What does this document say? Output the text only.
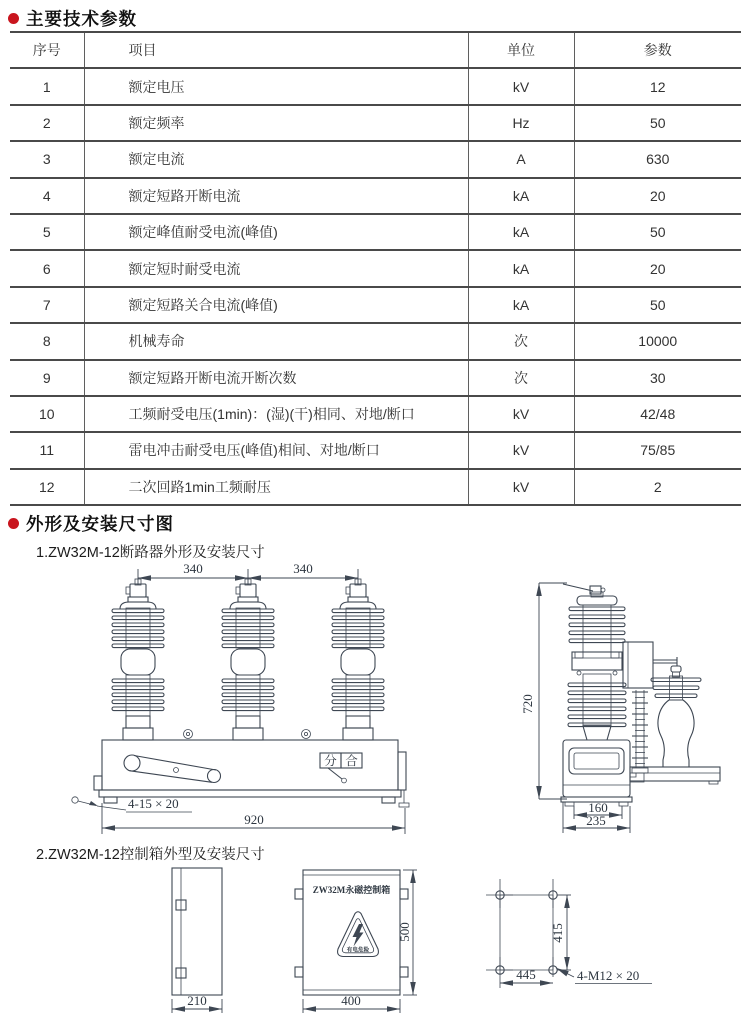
主要技术参数
序号	项目	单位	参数
1	额定电压	kV	12
2	额定频率	Hz	50
3	额定电流	A	630
4	额定短路开断电流	kA	20
5	额定峰值耐受电流(峰值)	kA	50
6	额定短时耐受电流	kA	20
7	额定短路关合电流(峰值)	kA	50
8	机械寿命	次	10000
9	额定短路开断电流开断次数	次	30
10	工频耐受电压(1min)：(湿)(干)相同、对地/断口	kV	42/48
11	雷电冲击耐受电压(峰值)相间、对地/断口	kV	75/85
12	二次回路1min工频耐压	kV	2
外形及安装尺寸图
1.ZW32M-12断路器外形及安装尺寸
340	340
分 合
4-15 × 20
920
720
160
235
2.ZW32M-12控制箱外型及安装尺寸
210
ZW32M永磁控制箱
有电危险
400
500	415
445	4-M12 × 20
